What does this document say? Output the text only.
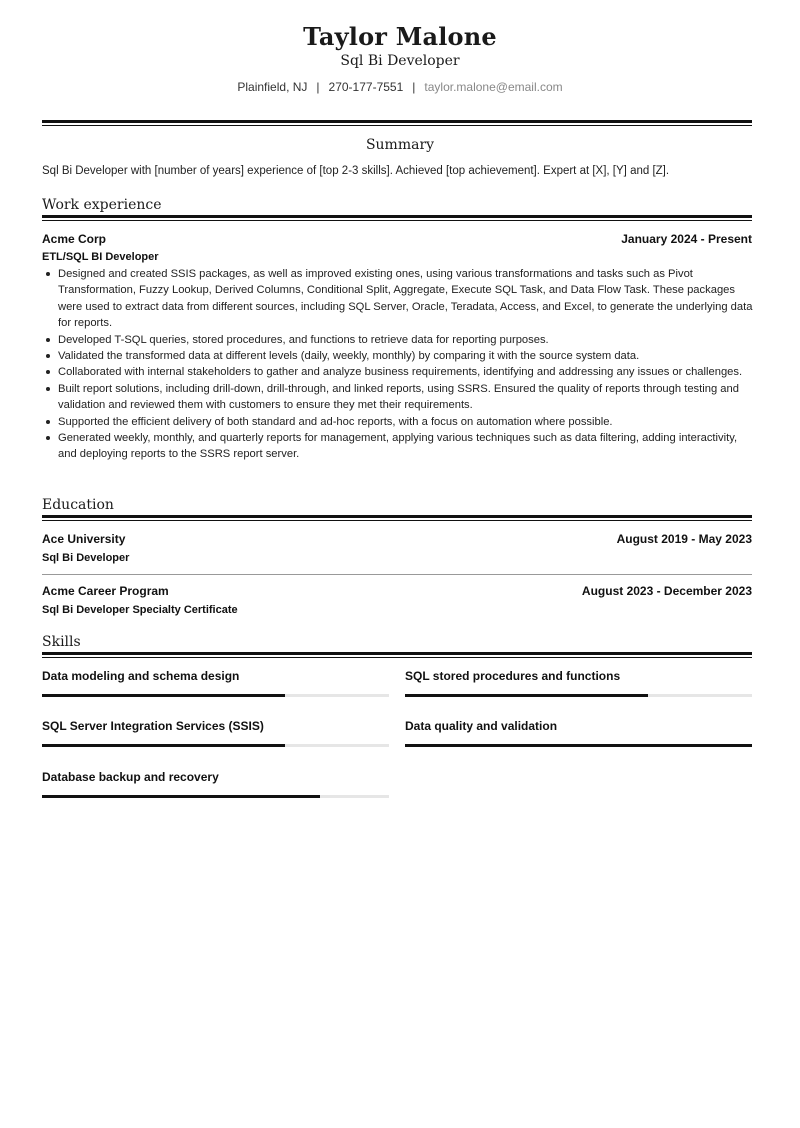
Taylor Malone
Sql Bi Developer
Plainfield, NJ | 270-177-7551 | taylor.malone@email.com
Summary
Sql Bi Developer with [number of years] experience of [top 2-3 skills]. Achieved [top achievement]. Expert at [X], [Y] and [Z].
Work experience
Acme Corp	January 2024 - Present
ETL/SQL BI Developer
Designed and created SSIS packages, as well as improved existing ones, using various transformations and tasks such as Pivot Transformation, Fuzzy Lookup, Derived Columns, Conditional Split, Aggregate, Execute SQL Task, and Data Flow Task. These packages were used to extract data from different sources, including SQL Server, Oracle, Teradata, Access, and Excel, to generate the underlying data for reports.
Developed T-SQL queries, stored procedures, and functions to retrieve data for reporting purposes.
Validated the transformed data at different levels (daily, weekly, monthly) by comparing it with the source system data.
Collaborated with internal stakeholders to gather and analyze business requirements, identifying and addressing any issues or challenges.
Built report solutions, including drill-down, drill-through, and linked reports, using SSRS. Ensured the quality of reports through testing and validation and reviewed them with customers to ensure they met their requirements.
Supported the efficient delivery of both standard and ad-hoc reports, with a focus on automation where possible.
Generated weekly, monthly, and quarterly reports for management, applying various techniques such as data filtering, adding interactivity, and deploying reports to the SSRS report server.
Education
Ace University	August 2019 - May 2023
Sql Bi Developer
Acme Career Program	August 2023 - December 2023
Sql Bi Developer Specialty Certificate
Skills
Data modeling and schema design	SQL stored procedures and functions
SQL Server Integration Services (SSIS)	Data quality and validation
Database backup and recovery
